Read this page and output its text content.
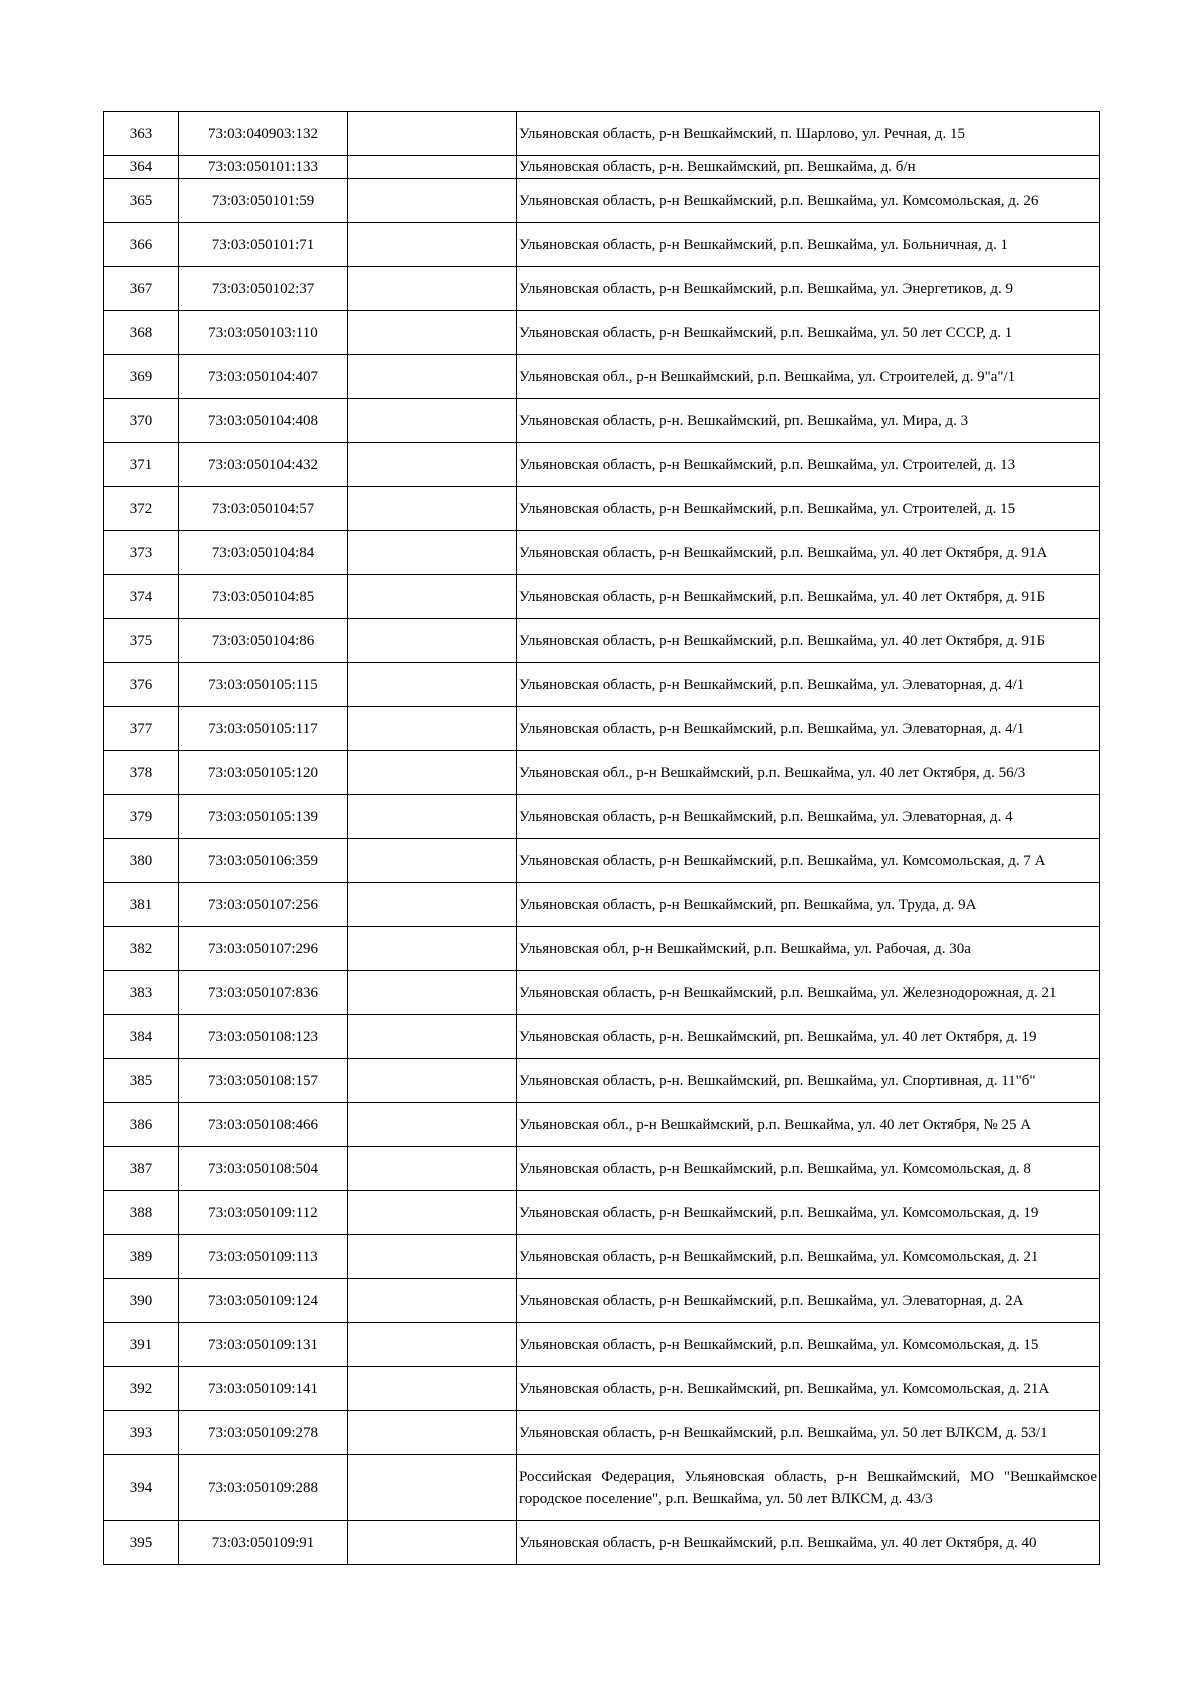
363	73:03:040903:132		Ульяновская область, р-н Вешкаймский, п. Шарлово, ул. Речная, д. 15
364	73:03:050101:133		Ульяновская область, р-н. Вешкаймский, рп. Вешкайма, д. б/н
365	73:03:050101:59		Ульяновская область, р-н Вешкаймский, р.п. Вешкайма, ул. Комсомольская, д. 26
366	73:03:050101:71		Ульяновская область, р-н Вешкаймский, р.п. Вешкайма, ул. Больничная, д. 1
367	73:03:050102:37		Ульяновская область, р-н Вешкаймский, р.п. Вешкайма, ул. Энергетиков, д. 9
368	73:03:050103:110		Ульяновская область, р-н Вешкаймский, р.п. Вешкайма, ул. 50 лет СССР, д. 1
369	73:03:050104:407		Ульяновская обл., р-н Вешкаймский, р.п. Вешкайма, ул. Строителей, д. 9"а"/1
370	73:03:050104:408		Ульяновская область, р-н. Вешкаймский, рп. Вешкайма, ул. Мира, д. 3
371	73:03:050104:432		Ульяновская область, р-н Вешкаймский, р.п. Вешкайма, ул. Строителей, д. 13
372	73:03:050104:57		Ульяновская область, р-н Вешкаймский, р.п. Вешкайма, ул. Строителей, д. 15
373	73:03:050104:84		Ульяновская область, р-н Вешкаймский, р.п. Вешкайма, ул. 40 лет Октября, д. 91А
374	73:03:050104:85		Ульяновская область, р-н Вешкаймский, р.п. Вешкайма, ул. 40 лет Октября, д. 91Б
375	73:03:050104:86		Ульяновская область, р-н Вешкаймский, р.п. Вешкайма, ул. 40 лет Октября, д. 91Б
376	73:03:050105:115		Ульяновская область, р-н Вешкаймский, р.п. Вешкайма, ул. Элеваторная, д. 4/1
377	73:03:050105:117		Ульяновская область, р-н Вешкаймский, р.п. Вешкайма, ул. Элеваторная, д. 4/1
378	73:03:050105:120		Ульяновская обл., р-н Вешкаймский, р.п. Вешкайма, ул. 40 лет Октября, д. 56/3
379	73:03:050105:139		Ульяновская область, р-н Вешкаймский, р.п. Вешкайма, ул. Элеваторная, д. 4
380	73:03:050106:359		Ульяновская область, р-н Вешкаймский, р.п. Вешкайма, ул. Комсомольская, д. 7 А
381	73:03:050107:256		Ульяновская область, р-н Вешкаймский, рп. Вешкайма, ул. Труда, д. 9А
382	73:03:050107:296		Ульяновская обл, р-н Вешкаймский, р.п. Вешкайма, ул. Рабочая, д. 30а
383	73:03:050107:836		Ульяновская область, р-н Вешкаймский, р.п. Вешкайма, ул. Железнодорожная, д. 21
384	73:03:050108:123		Ульяновская область, р-н. Вешкаймский, рп. Вешкайма, ул. 40 лет Октября, д. 19
385	73:03:050108:157		Ульяновская область, р-н. Вешкаймский, рп. Вешкайма, ул. Спортивная, д. 11"б"
386	73:03:050108:466		Ульяновская обл., р-н Вешкаймский, р.п. Вешкайма, ул. 40 лет Октября, № 25 А
387	73:03:050108:504		Ульяновская область, р-н Вешкаймский, р.п. Вешкайма, ул. Комсомольская, д. 8
388	73:03:050109:112		Ульяновская область, р-н Вешкаймский, р.п. Вешкайма, ул. Комсомольская, д. 19
389	73:03:050109:113		Ульяновская область, р-н Вешкаймский, р.п. Вешкайма, ул. Комсомольская, д. 21
390	73:03:050109:124		Ульяновская область, р-н Вешкаймский, р.п. Вешкайма, ул. Элеваторная, д. 2А
391	73:03:050109:131		Ульяновская область, р-н Вешкаймский, р.п. Вешкайма, ул. Комсомольская, д. 15
392	73:03:050109:141		Ульяновская область, р-н. Вешкаймский, рп. Вешкайма, ул. Комсомольская, д. 21А
393	73:03:050109:278		Ульяновская область, р-н Вешкаймский, р.п. Вешкайма, ул. 50 лет ВЛКСМ, д. 53/1
394	73:03:050109:288		Российская Федерация, Ульяновская область, р-н Вешкаймский, МО "Вешкаймское городское поселение", р.п. Вешкайма, ул. 50 лет ВЛКСМ, д. 43/3
395	73:03:050109:91		Ульяновская область, р-н Вешкаймский, р.п. Вешкайма, ул. 40 лет Октября, д. 40
